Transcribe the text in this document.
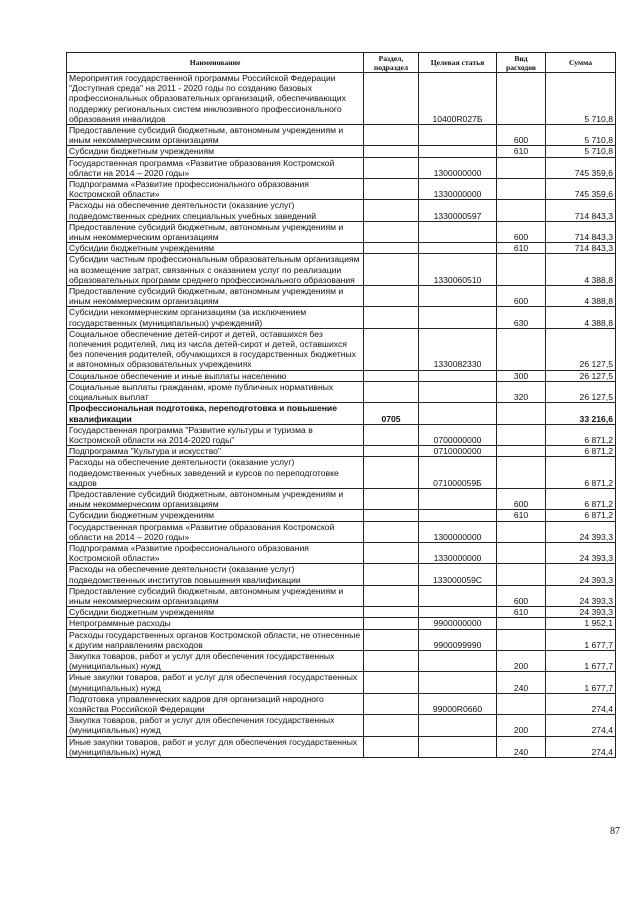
Наименование	Раздел, подраздел	Целевая статья	Вид расходов	Сумма
Мероприятия государственной программы Российской Федерации "Доступная среда" на 2011 - 2020 годы по созданию базовых профессиональных образовательных организаций, обеспечивающих поддержку региональных систем инклюзивного профессионального образования инвалидов		10400R027Б		5 710,8
Предоставление субсидий бюджетным, автономным учреждениям и иным некоммерческим организациям			600	5 710,8
Субсидии бюджетным учреждениям			610	5 710,8
Государственная программа «Развитие образования Костромской области на 2014 – 2020 годы»		1300000000		745 359,6
Подпрограмма «Развитие профессионального образования Костромской области»		1330000000		745 359,6
Расходы на обеспечение деятельности (оказание услуг) подведомственных средних специальных учебных заведений		1330000597		714 843,3
Предоставление субсидий бюджетным, автономным учреждениям и иным некоммерческим организациям			600	714 843,3
Субсидии бюджетным учреждениям			610	714 843,3
Субсидии частным профессиональным образовательным организациям на возмещение затрат, связанных с оказанием услуг по реализации образовательных программ среднего профессионального образования		1330060510		4 388,8
Предоставление субсидий бюджетным, автономным учреждениям и иным некоммерческим организациям			600	4 388,8
Субсидии некоммерческим организациям (за исключением государственных (муниципальных) учреждений)			630	4 388,8
Социальное обеспечение детей-сирот и детей, оставшихся без попечения родителей, лиц из числа детей-сирот и детей, оставшихся без попечения родителей, обучающихся в государственных бюджетных и автономных образовательных учреждениях		1330082330		26 127,5
Социальное обеспечение и иные выплаты населению			300	26 127,5
Социальные выплаты гражданам, кроме публичных нормативных социальных выплат			320	26 127,5
Профессиональная подготовка, переподготовка и повышение квалификации	0705			33 216,6
Государственная программа "Развитие культуры и туризма в Костромской области на 2014-2020 годы"		0700000000		6 871,2
Подпрограмма "Культура и искусство"		0710000000		6 871,2
Расходы на обеспечение деятельности (оказание услуг) подведомственных учебных заведений и курсов по переподготовке кадров		071000059Б		6 871,2
Предоставление субсидий бюджетным, автономным учреждениям и иным некоммерческим организациям			600	6 871,2
Субсидии бюджетным учреждениям			610	6 871,2
Государственная программа «Развитие образования Костромской области на 2014 – 2020 годы»		1300000000		24 393,3
Подпрограмма «Развитие профессионального образования Костромской области»		1330000000		24 393,3
Расходы на обеспечение деятельности (оказание услуг) подведомственных институтов повышения квалификации		133000059С		24 393,3
Предоставление субсидий бюджетным, автономным учреждениям и иным некоммерческим организациям			600	24 393,3
Субсидии бюджетным учреждениям			610	24 393,3
Непрограммные расходы		9900000000		1 952,1
Расходы государственных органов Костромской области, не отнесенные к другим направлениям расходов		9900099990		1 677,7
Закупка товаров, работ и услуг для обеспечения государственных (муниципальных) нужд			200	1 677,7
Иные закупки товаров, работ и услуг для обеспечения государственных (муниципальных) нужд			240	1 677,7
Подготовка управленческих кадров для организаций народного хозяйства Российской Федерации		99000R0660		274,4
Закупка товаров, работ и услуг для обеспечения государственных (муниципальных) нужд			200	274,4
Иные закупки товаров, работ и услуг для обеспечения государственных (муниципальных) нужд			240	274,4
87
